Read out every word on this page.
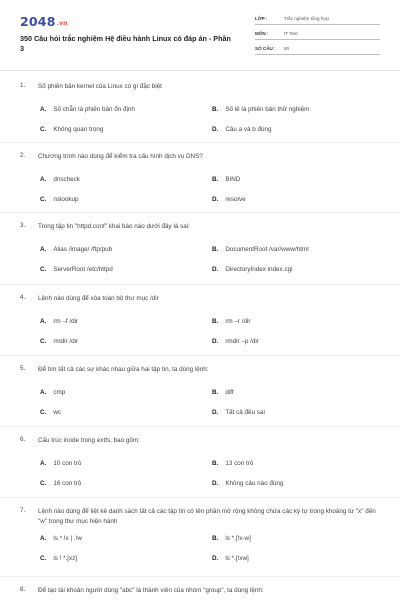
2048.vn
350 Câu hỏi trắc nghiệm Hệ điều hành Linux có đáp án - Phần 3
LỚP :	Trắc nghiệm tổng hợp
MÔN :	IT Test
SỐ CÂU : 50
1. Số phiên bản kernel của Linux có gì đặc biệt
A. Số chẵn là phiên bản ổn định	B. Số lẻ là phiên bản thử nghiệm
C. Không quan trọng	D. Câu a và b đúng
2. Chương trình nào dùng để kiểm tra cấu hình dịch vụ DNS?
A. dnscheck	B. BIND
C. nslookup	D. resolve
3. Trong tập tin "httpd.conf" khai báo nào dưới đây là sai:
A. Alias /image/ /ftp/pub	B. DocumentRoot /var/www/html
C. ServerRoot /etc/httpd	D. DirectoryIndex index.cgi
4. Lệnh nào dùng để xóa toàn bộ thư mục /dir
A. rm –f /dir	B. rm –r /dir
C. rmdir /dir	D. rmdir –p /dir
5. Để tìm tất cả các sự khác nhau giữa hai tập tin, ta dùng lệnh:
A. cmp	B. diff
C. wc	D. Tất cả đều sai
6. Cấu trúc inode trong extfs, bao gồm:
A. 10 con trỏ	B. 13 con trỏ
C. 16 con trỏ	D. Không câu nào đúng
7. Lệnh nào dùng để liệt kê danh sách tất cả các tập tin có tên phần mở rộng không chứa các ký tự trong khoảng từ "x" đến "w" trong thư mục hiện hành
A. ls *.!x | .!w	B. ls *.[!x-w]
C. ls ! *.[xz]	D. ls *.[!xw]
8. Để tạo tài khoản người dùng "abc" là thành viên của nhóm "group", ta dùng lệnh:
